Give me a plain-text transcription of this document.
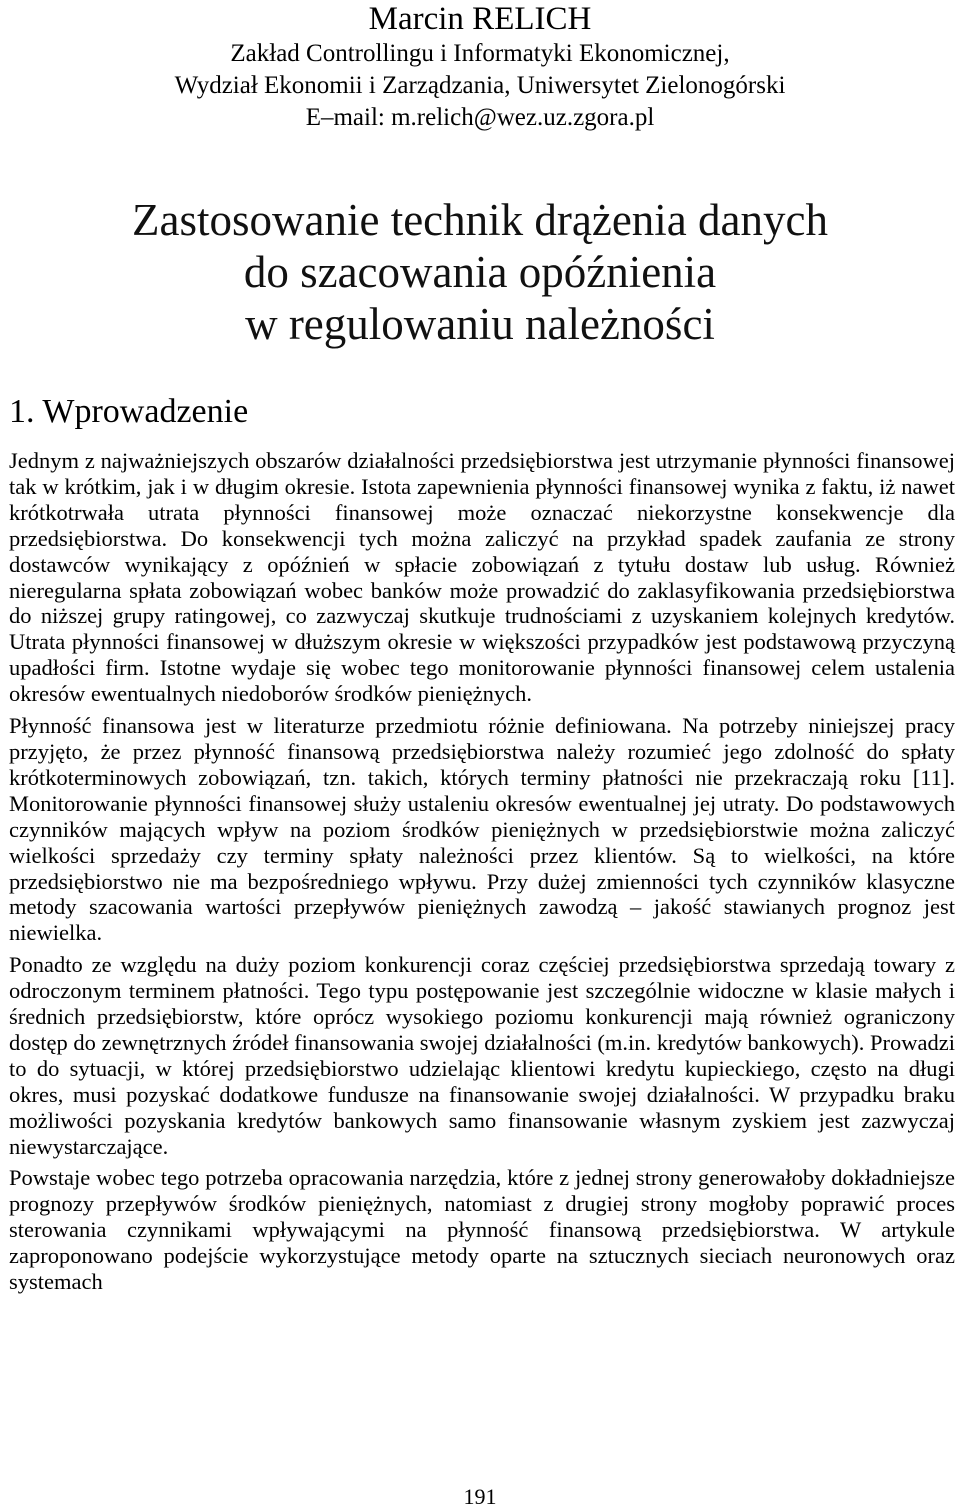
Marcin RELICH
Zakład Controllingu i Informatyki Ekonomicznej,
Wydział Ekonomii i Zarządzania, Uniwersytet Zielonogórski
E–mail: m.relich@wez.uz.zgora.pl
Zastosowanie technik drążenia danych
do szacowania opóźnienia
w regulowaniu należności
1. Wprowadzenie

Jednym z najważniejszych obszarów działalności przedsiębiorstwa jest utrzymanie płynności finansowej tak w krótkim, jak i w długim okresie. Istota zapewnienia płynności finansowej wynika z faktu, iż nawet krótkotrwała utrata płynności finansowej może oznaczać niekorzystne konsekwencje dla przedsiębiorstwa. Do konsekwencji tych można zaliczyć na przykład spadek zaufania ze strony dostawców wynikający z opóźnień w spłacie zobowiązań z tytułu dostaw lub usług. Również nieregularna spłata zobowiązań wobec banków może prowadzić do zaklasyfikowania przedsiębiorstwa do niższej grupy ratingowej, co zazwyczaj skutkuje trudnościami z uzyskaniem kolejnych kredytów. Utrata płynności finansowej w dłuższym okresie w większości przypadków jest podstawową przyczyną upadłości firm. Istotne wydaje się wobec tego monitorowanie płynności finansowej celem ustalenia okresów ewentualnych niedoborów środków pieniężnych.

Płynność finansowa jest w literaturze przedmiotu różnie definiowana. Na potrzeby niniejszej pracy przyjęto, że przez płynność finansową przedsiębiorstwa należy rozumieć jego zdolność do spłaty krótkoterminowych zobowiązań, tzn. takich, których terminy płatności nie przekraczają roku [11]. Monitorowanie płynności finansowej służy ustaleniu okresów ewentualnej jej utraty. Do podstawowych czynników mających wpływ na poziom środków pieniężnych w przedsiębiorstwie można zaliczyć wielkości sprzedaży czy terminy spłaty należności przez klientów. Są to wielkości, na które przedsiębiorstwo nie ma bezpośredniego wpływu. Przy dużej zmienności tych czynników klasyczne metody szacowania wartości przepływów pieniężnych zawodzą – jakość stawianych prognoz jest niewielka.

Ponadto ze względu na duży poziom konkurencji coraz częściej przedsiębiorstwa sprzedają towary z odroczonym terminem płatności. Tego typu postępowanie jest szczególnie widoczne w klasie małych i średnich przedsiębiorstw, które oprócz wysokiego poziomu konkurencji mają również ograniczony dostęp do zewnętrznych źródeł finansowania swojej działalności (m.in. kredytów bankowych). Prowadzi to do sytuacji, w której przedsiębiorstwo udzielając klientowi kredytu kupieckiego, często na długi okres, musi pozyskać dodatkowe fundusze na finansowanie swojej działalności. W przypadku braku możliwości pozyskania kredytów bankowych samo finansowanie własnym zyskiem jest zazwyczaj niewystarczające.

Powstaje wobec tego potrzeba opracowania narzędzia, które z jednej strony generowałoby dokładniejsze prognozy przepływów środków pieniężnych, natomiast z drugiej strony mogłoby poprawić proces sterowania czynnikami wpływającymi na płynność finansową przedsiębiorstwa. W artykule zaproponowano podejście wykorzystujące metody oparte na sztucznych sieciach neuronowych oraz systemach

191
